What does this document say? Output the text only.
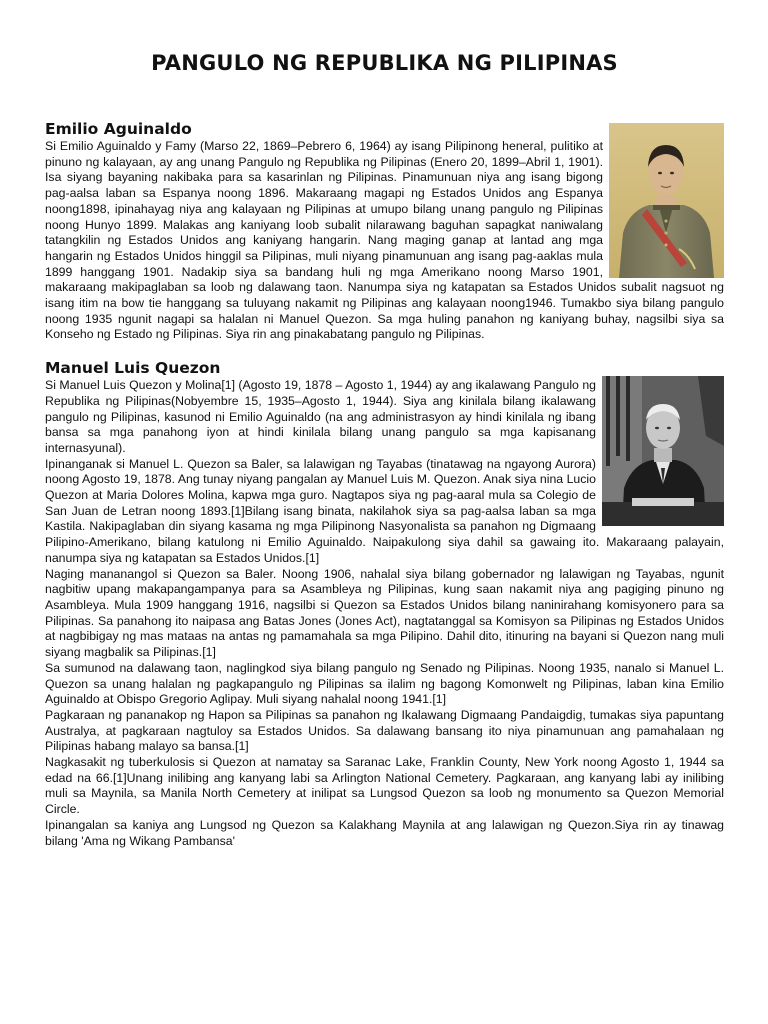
PANGULO NG REPUBLIKA NG PILIPINAS
Emilio Aguinaldo

Si Emilio Aguinaldo y Famy (Marso 22, 1869–Pebrero 6, 1964) ay isang Pilipinong heneral, pulitiko at pinuno ng kalayaan, ay ang unang Pangulo ng Republika ng Pilipinas (Enero 20, 1899–Abril 1, 1901). Isa siyang bayaning nakibaka para sa kasarinlan ng Pilipinas. Pinamunuan niya ang isang bigong pag-aalsa laban sa Espanya noong 1896. Makaraang magapi ng Estados Unidos ang Espanya noong1898, ipinahayag niya ang kalayaan ng Pilipinas at umupo bilang unang pangulo ng Pilipinas noong Hunyo 1899. Malakas ang kaniyang loob subalit nilarawang baguhan sapagkat naniwalang tatangkilin ng Estados Unidos ang kaniyang hangarin. Nang maging ganap at lantad ang mga hangarin ng Estados Unidos hinggil sa Pilipinas, muli niyang pinamunuan ang isang pag-aaklas mula 1899 hanggang 1901. Nadakip siya sa bandang huli ng mga Amerikano noong Marso 1901, makaraang makipaglaban sa loob ng dalawang taon. Nanumpa siya ng katapatan sa Estados Unidos subalit nagsuot ng isang itim na bow tie hanggang sa tuluyang nakamit ng Pilipinas ang kalayaan noong1946. Tumakbo siya bilang pangulo noong 1935 ngunit nagapi sa halalan ni Manuel Quezon. Sa mga huling panahon ng kaniyang buhay, nagsilbi siya sa Konseho ng Estado ng Pilipinas. Siya rin ang pinakabatang pangulo ng Pilipinas.

Manuel Luis Quezon

Si Manuel Luis Quezon y Molina[1] (Agosto 19, 1878 – Agosto 1, 1944) ay ang ikalawang Pangulo ng Republika ng Pilipinas(Nobyembre 15, 1935–Agosto 1, 1944). Siya ang kinilala bilang ikalawang pangulo ng Pilipinas, kasunod ni Emilio Aguinaldo (na ang administrasyon ay hindi kinilala ng ibang bansa sa mga panahong iyon at hindi kinilala bilang unang pangulo sa mga kapisanang internasyunal).

Ipinanganak si Manuel L. Quezon sa Baler, sa lalawigan ng Tayabas (tinatawag na ngayong Aurora) noong Agosto 19, 1878. Ang tunay niyang pangalan ay Manuel Luis M. Quezon. Anak siya nina Lucio Quezon at Maria Dolores Molina, kapwa mga guro. Nagtapos siya ng pag-aaral mula sa Colegio de San Juan de Letran noong 1893.[1]Bilang isang binata, nakilahok siya sa pag-aalsa laban sa mga Kastila. Nakipaglaban din siyang kasama ng mga Pilipinong Nasyonalista sa panahon ng Digmaang Pilipino-Amerikano, bilang katulong ni Emilio Aguinaldo. Naipakulong siya dahil sa gawaing ito. Makaraang palayain, nanumpa siya ng katapatan sa Estados Unidos.[1]

Naging mananangol si Quezon sa Baler. Noong 1906, nahalal siya bilang gobernador ng lalawigan ng Tayabas, ngunit nagbitiw upang makapangampanya para sa Asambleya ng Pilipinas, kung saan nakamit niya ang pagiging pinuno ng Asambleya. Mula 1909 hanggang 1916, nagsilbi si Quezon sa Estados Unidos bilang naninirahang komisyonero para sa Pilipinas. Sa panahong ito naipasa ang Batas Jones (Jones Act), nagtatanggal sa Komisyon sa Pilipinas ng Estados Unidos at nagbibigay ng mas mataas na antas ng pamamahala sa mga Pilipino. Dahil dito, itinuring na bayani si Quezon nang muli siyang magbalik sa Pilipinas.[1]

Sa sumunod na dalawang taon, naglingkod siya bilang pangulo ng Senado ng Pilipinas. Noong 1935, nanalo si Manuel L. Quezon sa unang halalan ng pagkapangulo ng Pilipinas sa ilalim ng bagong Komonwelt ng Pilipinas, laban kina Emilio Aguinaldo at Obispo Gregorio Aglipay. Muli siyang nahalal noong 1941.[1]

Pagkaraan ng pananakop ng Hapon sa Pilipinas sa panahon ng Ikalawang Digmaang Pandaigdig, tumakas siya papuntang Australya, at pagkaraan nagtuloy sa Estados Unidos. Sa dalawang bansang ito niya pinamunuan ang pamahalaan ng Pilipinas habang malayo sa bansa.[1]

Nagkasakit ng tuberkulosis si Quezon at namatay sa Saranac Lake, Franklin County, New York noong Agosto 1, 1944 sa edad na 66.[1]Unang inilibing ang kanyang labi sa Arlington National Cemetery. Pagkaraan, ang kanyang labi ay inilibing muli sa Maynila, sa Manila North Cemetery at inilipat sa Lungsod Quezon sa loob ng monumento sa Quezon Memorial Circle.

Ipinangalan sa kaniya ang Lungsod ng Quezon sa Kalakhang Maynila at ang lalawigan ng Quezon.Siya rin ay tinawag bilang 'Ama ng Wikang Pambansa'
